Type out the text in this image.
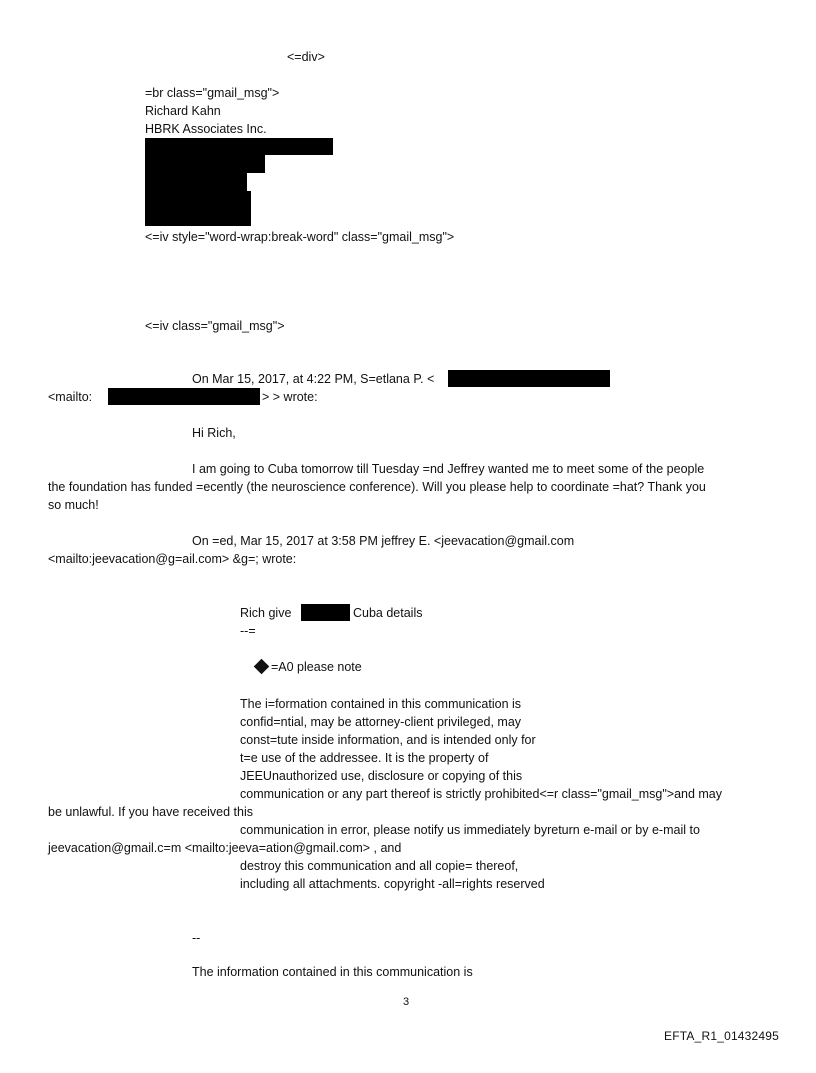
<=div>
=br class="gmail_msg">
Richard Kahn
HBRK Associates Inc.
<=iv style="word-wrap:break-word" class="gmail_msg">
<=iv class="gmail_msg">
On Mar 15, 2017, at 4:22 PM, S=etlana P. <
<mailto:	> > wrote:
Hi Rich,
I am going to Cuba tomorrow till Tuesday =nd Jeffrey wanted me to meet some of the people
the foundation has funded =ecently (the neuroscience conference). Will you please help to coordinate =hat? Thank you
so much!
On =ed, Mar 15, 2017 at 3:58 PM jeffrey E. <jeevacation@gmail.com
<mailto:jeevacation@g=ail.com> &g=; wrote:
Rich give	Cuba details
--=
=A0 please note
The i=formation contained in this communication is
confid=ntial, may be attorney-client privileged, may
const=tute inside information, and is intended only for
t=e use of the addressee. It is the property of
JEEUnauthorized use, disclosure or copying of this
communication or any part thereof is strictly prohibited<=r class="gmail_msg">and may
be unlawful. If you have received this
communication in error, please notify us immediately byreturn e-mail or by e-mail to
jeevacation@gmail.c=m <mailto:jeeva=ation@gmail.com> , and
destroy this communication and all copie= thereof,
including all attachments. copyright -all=rights reserved
--
The information contained in this communication is
3
EFTA_R1_01432495
